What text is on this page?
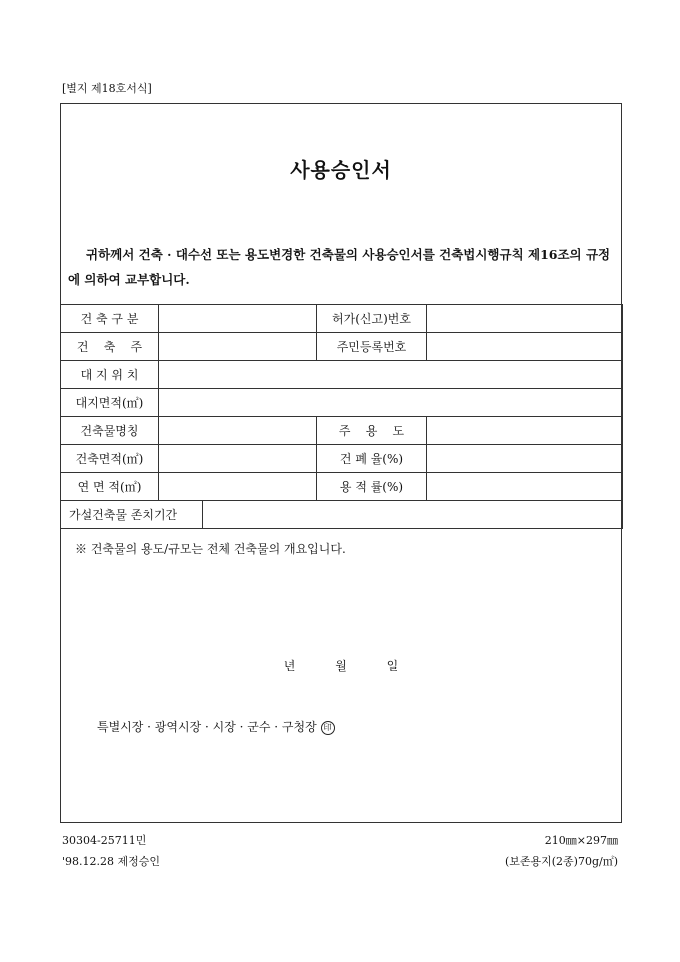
[별지 제18호서식]
사용승인서

귀하께서 건축 · 대수선 또는 용도변경한 건축물의 사용승인서를 건축법시행규칙 제16조의 규정에 의하여 교부합니다.

건 축 구 분			허가(신고)번호	
건    축    주			주민등록번호	
대 지 위 치				
대지면적(㎡)				
건축물명칭			주    용    도	
건축면적(㎡)			건 폐 율(%)	
연 면 적(㎡)			용 적 률(%)	
가설건축물 존치기간				
※ 건축물의 용도/규모는 전체 건축물의 개요입니다.
년	월	일
특별시장 · 광역시장 · 시장 · 군수 · 구청장 印
30304-25711민
'98.12.28 제정승인
210㎜×297㎜
(보존용지(2종)70g/㎡)
